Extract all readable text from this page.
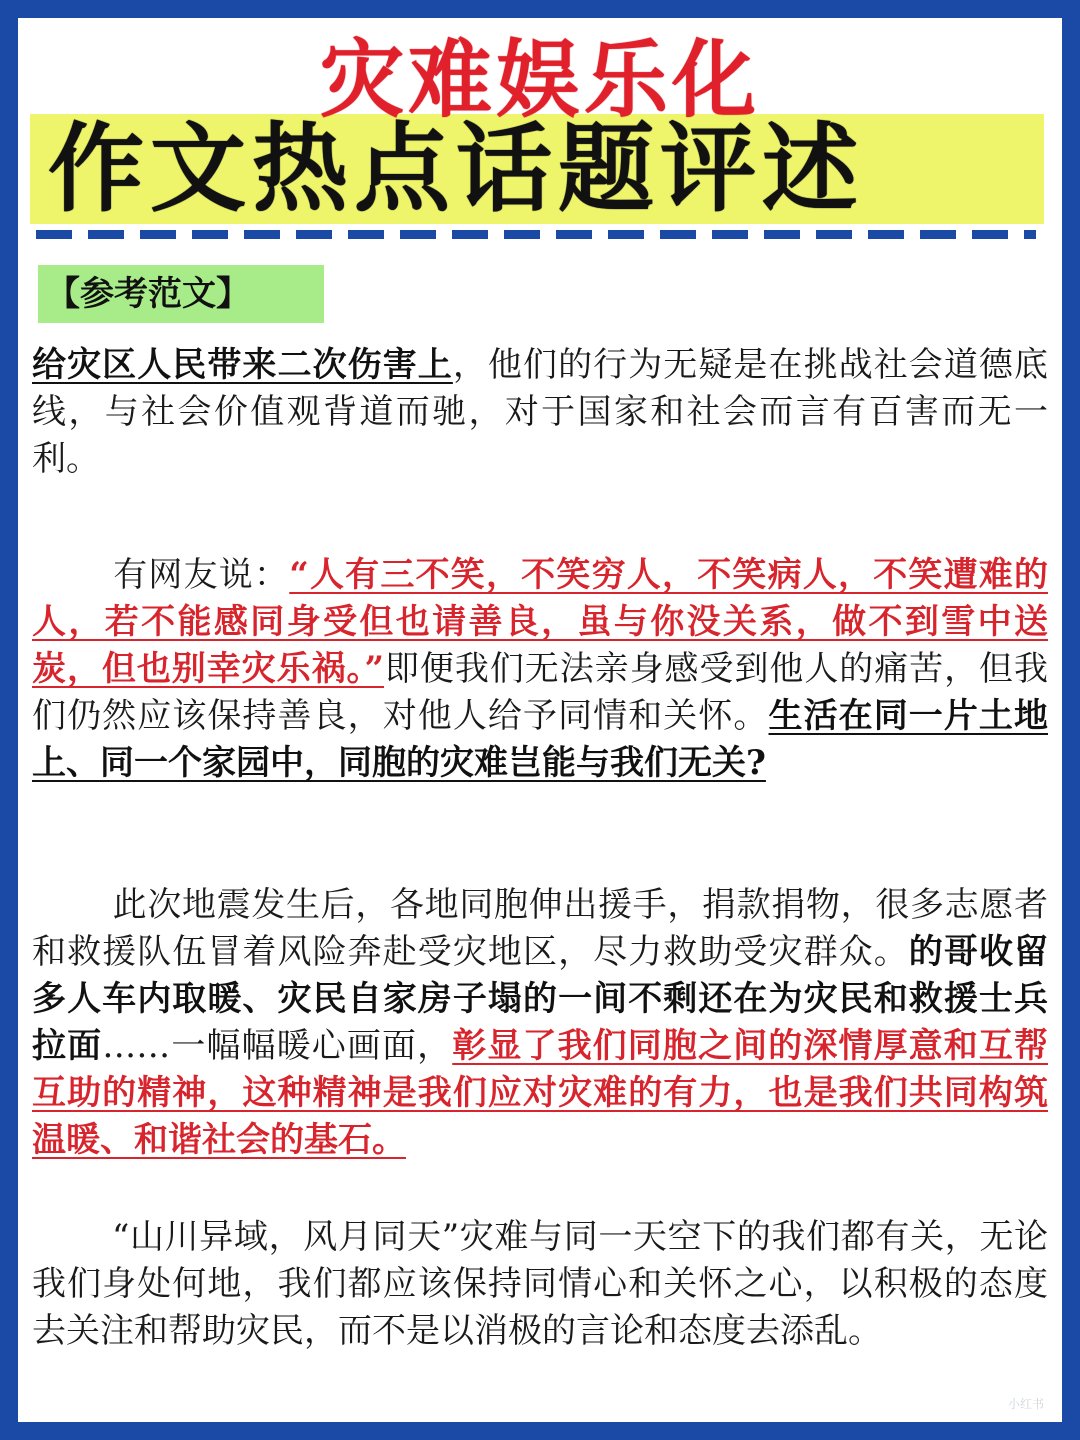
灾难娱乐化
作文热点话题评述
【参考范文】

给灾区人民带来二次伤害上，他们的行为无疑是在挑战社会道德底线，与社会价值观背道而驰，对于国家和社会而言有百害而无一利。

有网友说：“人有三不笑，不笑穷人，不笑病人，不笑遭难的人，若不能感同身受但也请善良，虽与你没关系，做不到雪中送炭，但也别幸灾乐祸。”即便我们无法亲身感受到他人的痛苦，但我们仍然应该保持善良，对他人给予同情和关怀。生活在同一片土地上、同一个家园中，同胞的灾难岂能与我们无关?

此次地震发生后，各地同胞伸出援手，捐款捐物，很多志愿者和救援队伍冒着风险奔赴受灾地区，尽力救助受灾群众。的哥收留多人车内取暖、灾民自家房子塌的一间不剩还在为灾民和救援士兵拉面……一幅幅暖心画面，彰显了我们同胞之间的深情厚意和互帮互助的精神，这种精神是我们应对灾难的有力，也是我们共同构筑温暖、和谐社会的基石。

“山川异域，风月同天”灾难与同一天空下的我们都有关，无论我们身处何地，我们都应该保持同情心和关怀之心，以积极的态度去关注和帮助灾民，而不是以消极的言论和态度去添乱。

小红书
